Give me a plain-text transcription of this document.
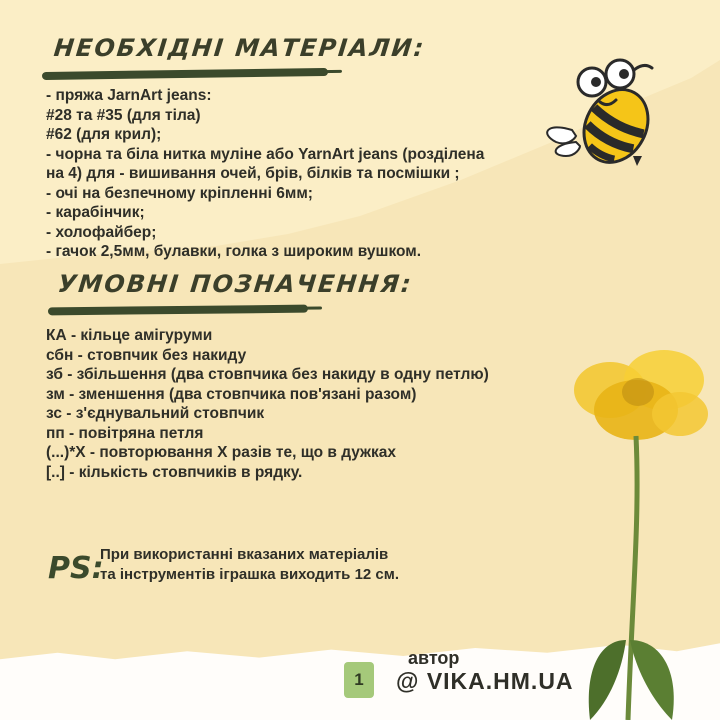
НЕОБХІДНІ МАТЕРІАЛИ:
- пряжа JarnArt jeans:
#28 та #35 (для тіла)
#62 (для крил);
- чорна та біла нитка муліне або YarnArt jeans (розділена
на 4) для - вишивання очей, брів, білків та посмішки ;
- очі на безпечному кріпленні 6мм;
- карабінчик;
- холофайбер;
- гачок 2,5мм, булавки, голка з широким вушком.
УМОВНІ ПОЗНАЧЕННЯ:
КА - кільце амігуруми
сбн - стовпчик без накиду
зб - збільшення (два стовпчика без накиду в одну петлю)
зм - зменшення (два стовпчика пов'язані разом)
зс - з'єднувальний стовпчик
пп - повітряна петля
(...)*Х - повторювання Х разів те, що в дужках
[..] - кількість стовпчиків в рядку.
PS:
При використанні вказаних матеріалів
та інструментів іграшка виходить 12 см.
1
автор
@ VIKA.HM.UA
